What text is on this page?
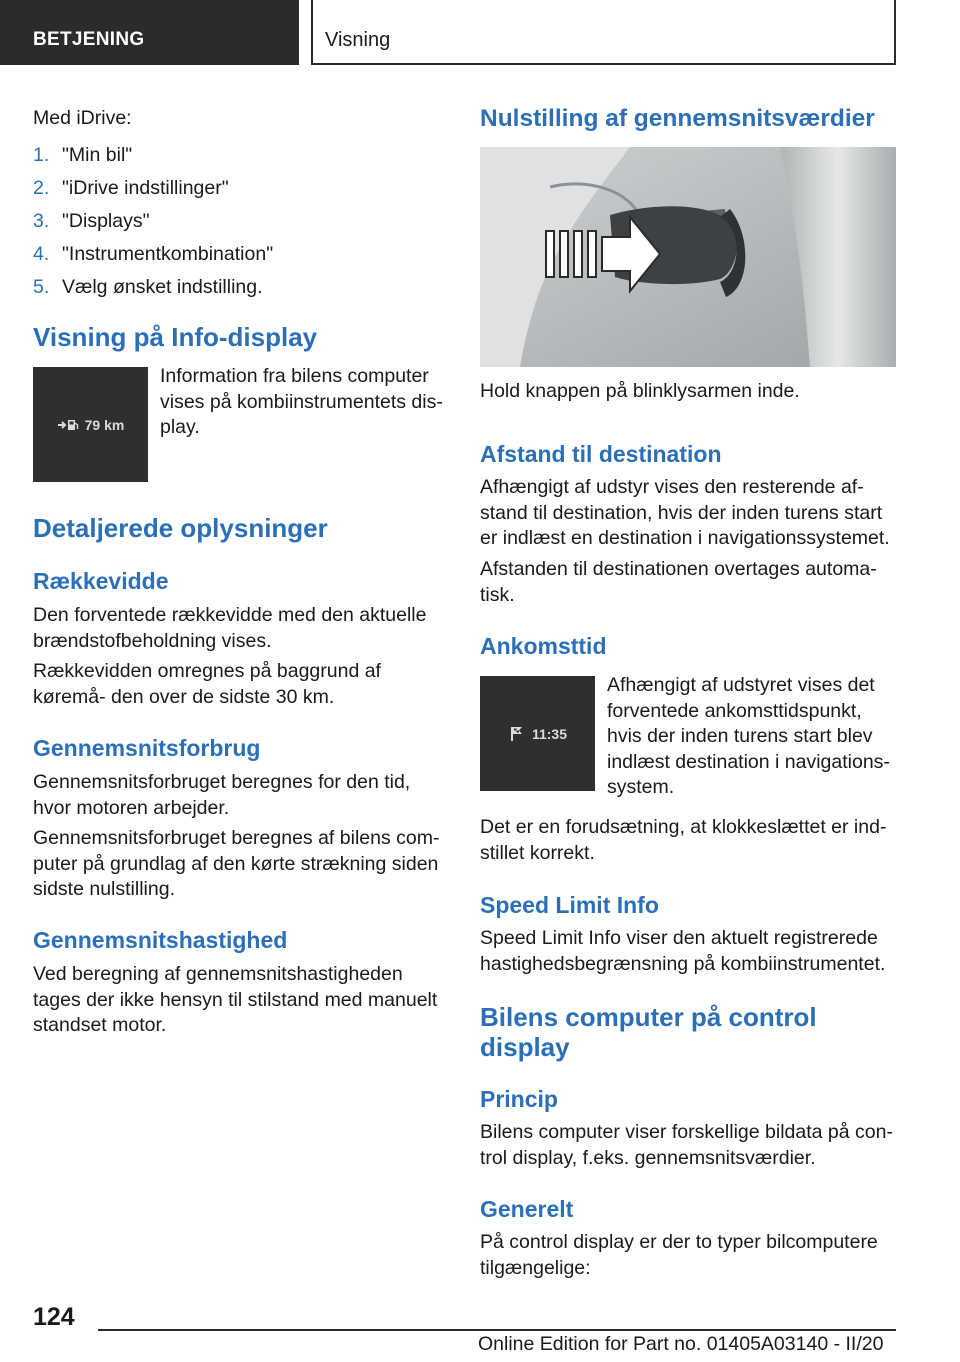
BETJENING	Visning

Med iDrive:

1. "Min bil"
2. "iDrive indstillinger"
3. "Displays"
4. "Instrumentkombination"
5. Vælg ønsket indstilling.
Visning på Info-display

Information fra bilens computer vises på kombiinstrumentets dis‐ play.

Detaljerede oplysninger
Rækkevidde

Den forventede rækkevidde med den aktuelle brændstofbeholdning vises.

Rækkevidden omregnes på baggrund af køremå‐ den over de sidste 30 km.

Gennemsnitsforbrug

Gennemsnitsforbruget beregnes for den tid, hvor motoren arbejder.

Gennemsnitsforbruget beregnes af bilens com‐ puter på grundlag af den kørte strækning siden sidste nulstilling.

Gennemsnitshastighed

Ved beregning af gennemsnitshastigheden tages der ikke hensyn til stilstand med manuelt standset motor.

79 km
Nulstilling af gennemsnitsværdier

Hold knappen på blinklysarmen inde.

Afstand til destination

Afhængigt af udstyr vises den resterende af‐ stand til destination, hvis der inden turens start er indlæst en destination i navigationssystemet.

Afstanden til destinationen overtages automa‐ tisk.

Ankomsttid

Afhængigt af udstyret vises det forventede ankomsttidspunkt, hvis der inden turens start blev indlæst destination i navigations‐ system.

Det er en forudsætning, at klokkeslættet er ind‐ stillet korrekt.

Speed Limit Info

Speed Limit Info viser den aktuelt registrerede hastighedsbegrænsning på kombiinstrumentet.

Bilens computer på control display
Princip

Bilens computer viser forskellige bildata på con‐ trol display, f.eks. gennemsnitsværdier.

Generelt

På control display er der to typer bilcomputere tilgængelige:

11:35
124
Online Edition for Part no. 01405A03140 - II/20
